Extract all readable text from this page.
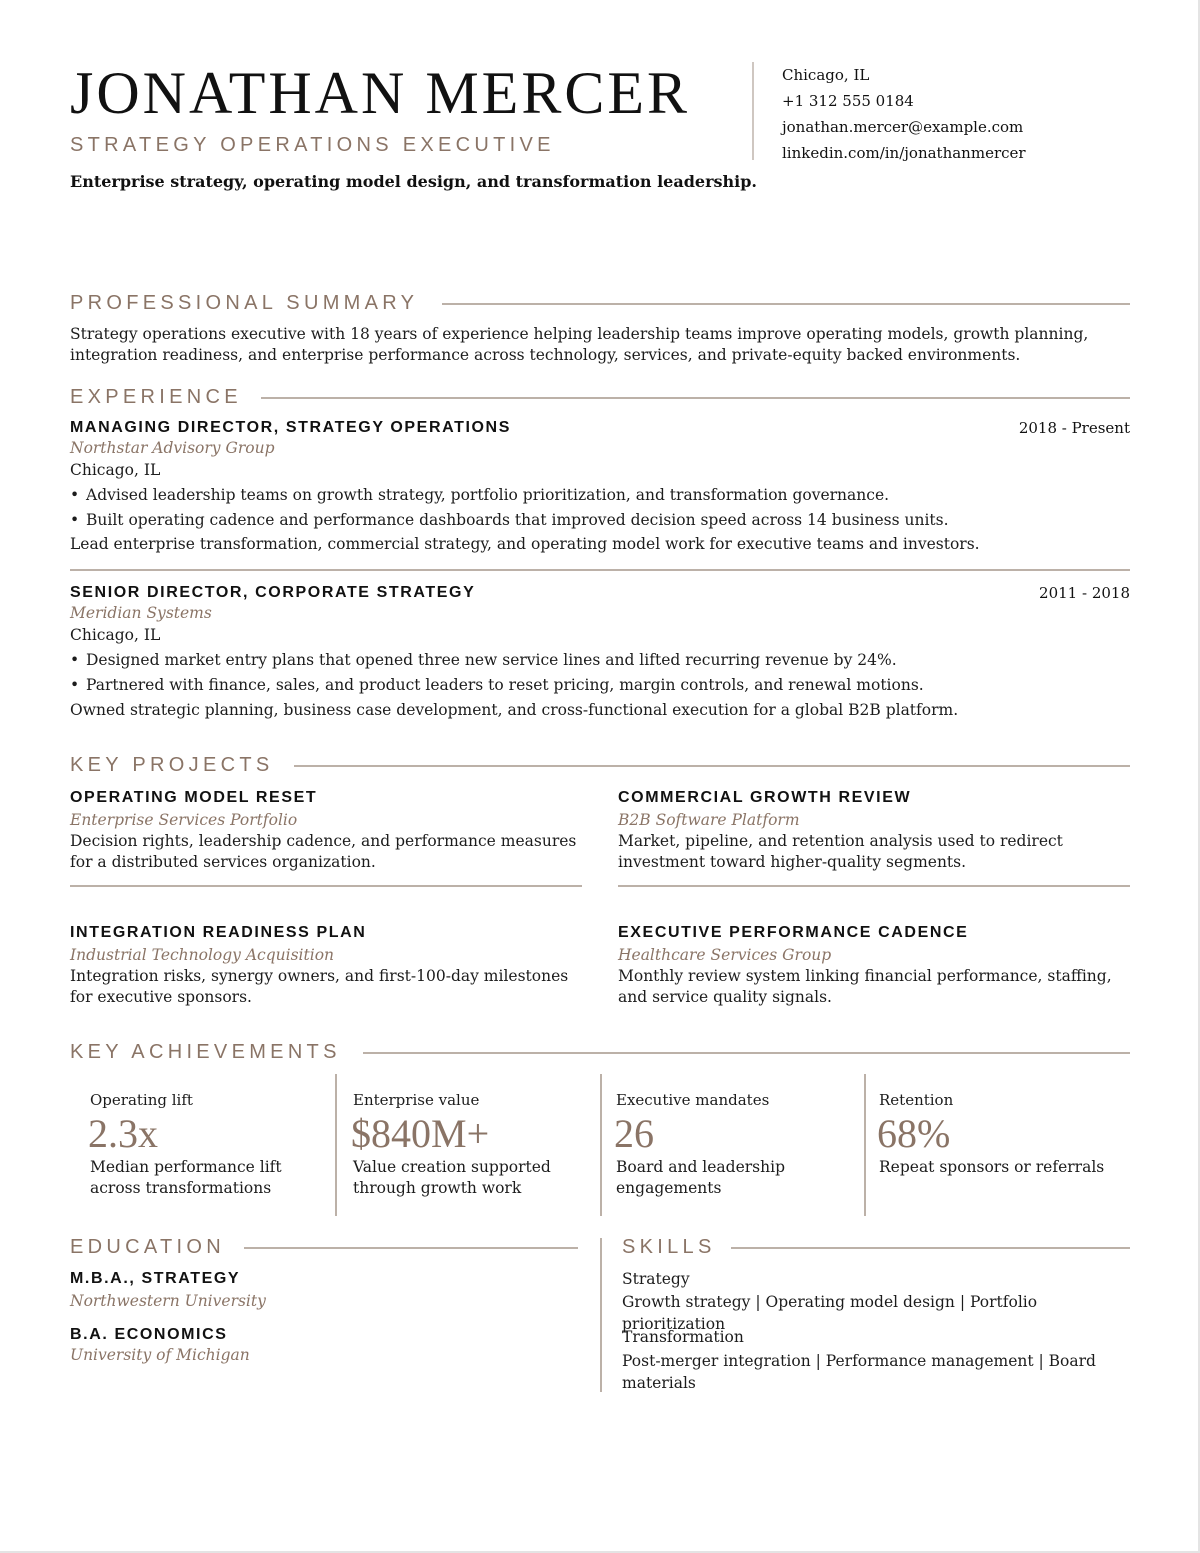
JONATHAN MERCER
STRATEGY OPERATIONS EXECUTIVE
Enterprise strategy, operating model design, and transformation leadership.
Chicago, IL
+1 312 555 0184
jonathan.mercer@example.com
linkedin.com/in/jonathanmercer
PROFESSIONAL SUMMARY
Strategy operations executive with 18 years of experience helping leadership teams improve operating models, growth planning, integration readiness, and enterprise performance across technology, services, and private-equity backed environments.
EXPERIENCE
MANAGING DIRECTOR, STRATEGY OPERATIONS	2018 - Present
Northstar Advisory Group
Chicago, IL
• Advised leadership teams on growth strategy, portfolio prioritization, and transformation governance.
• Built operating cadence and performance dashboards that improved decision speed across 14 business units.
Lead enterprise transformation, commercial strategy, and operating model work for executive teams and investors.
SENIOR DIRECTOR, CORPORATE STRATEGY	2011 - 2018
Meridian Systems
Chicago, IL
• Designed market entry plans that opened three new service lines and lifted recurring revenue by 24%.
• Partnered with finance, sales, and product leaders to reset pricing, margin controls, and renewal motions.
Owned strategic planning, business case development, and cross-functional execution for a global B2B platform.
KEY PROJECTS
OPERATING MODEL RESET
Enterprise Services Portfolio
Decision rights, leadership cadence, and performance measures for a distributed services organization.
COMMERCIAL GROWTH REVIEW
B2B Software Platform
Market, pipeline, and retention analysis used to redirect investment toward higher-quality segments.
INTEGRATION READINESS PLAN
Industrial Technology Acquisition
Integration risks, synergy owners, and first-100-day milestones for executive sponsors.
EXECUTIVE PERFORMANCE CADENCE
Healthcare Services Group
Monthly review system linking financial performance, staffing, and service quality signals.
KEY ACHIEVEMENTS
Operating lift
2.3x
Median performance lift across transformations
Enterprise value
$840M+
Value creation supported through growth work
Executive mandates
26
Board and leadership engagements
Retention
68%
Repeat sponsors or referrals
EDUCATION
M.B.A., STRATEGY
Northwestern University
B.A. ECONOMICS
University of Michigan
SKILLS
Strategy
Growth strategy | Operating model design | Portfolio prioritization
Transformation
Post-merger integration | Performance management | Board materials
